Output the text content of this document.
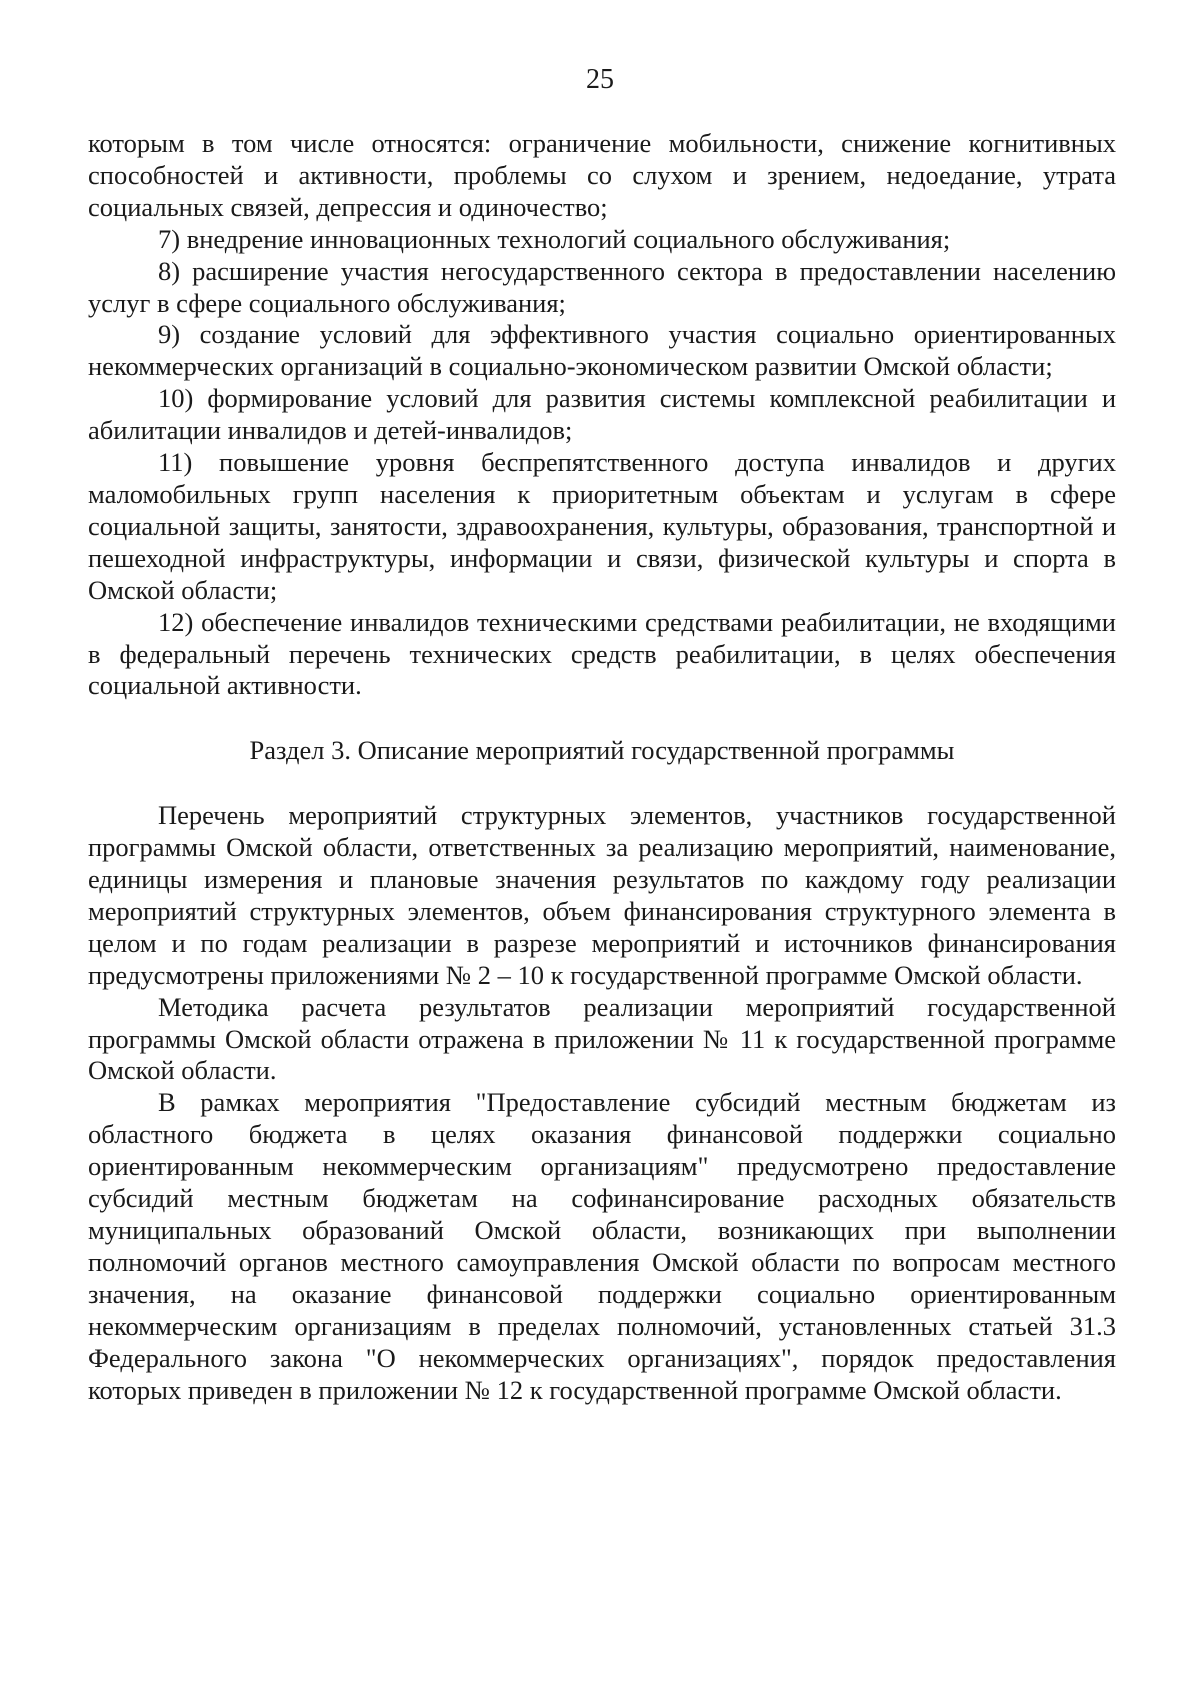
25

которым в том числе относятся: ограничение мобильности, снижение когнитивных способностей и активности, проблемы со слухом и зрением, недоедание, утрата социальных связей, депрессия и одиночество;

7) внедрение инновационных технологий социального обслуживания;

8) расширение участия негосударственного сектора в предоставлении населению услуг в сфере социального обслуживания;

9) создание условий для эффективного участия социально ориентированных некоммерческих организаций в социально-экономическом развитии Омской области;

10) формирование условий для развития системы комплексной реабилитации и абилитации инвалидов и детей-инвалидов;

11) повышение уровня беспрепятственного доступа инвалидов и других маломобильных групп населения к приоритетным объектам и услугам в сфере социальной защиты, занятости, здравоохранения, культуры, образования, транспортной и пешеходной инфраструктуры, информации и связи, физической культуры и спорта в Омской области;

12) обеспечение инвалидов техническими средствами реабилитации, не входящими в федеральный перечень технических средств реабилитации, в целях обеспечения социальной активности.

Раздел 3. Описание мероприятий государственной программы

Перечень мероприятий структурных элементов, участников государственной программы Омской области, ответственных за реализацию мероприятий, наименование, единицы измерения и плановые значения результатов по каждому году реализации мероприятий структурных элементов, объем финансирования структурного элемента в целом и по годам реализации в разрезе мероприятий и источников финансирования предусмотрены приложениями № 2 – 10 к государственной программе Омской области.

Методика расчета результатов реализации мероприятий государственной программы Омской области отражена в приложении № 11 к государственной программе Омской области.

В рамках мероприятия "Предоставление субсидий местным бюджетам из областного бюджета в целях оказания финансовой поддержки социально ориентированным некоммерческим организациям" предусмотрено предоставление субсидий местным бюджетам на софинансирование расходных обязательств муниципальных образований Омской области, возникающих при выполнении полномочий органов местного самоуправления Омской области по вопросам местного значения, на оказание финансовой поддержки социально ориентированным некоммерческим организациям в пределах полномочий, установленных статьей 31.3 Федерального закона "О некоммерческих организациях", порядок предоставления которых приведен в приложении № 12 к государственной программе Омской области.
